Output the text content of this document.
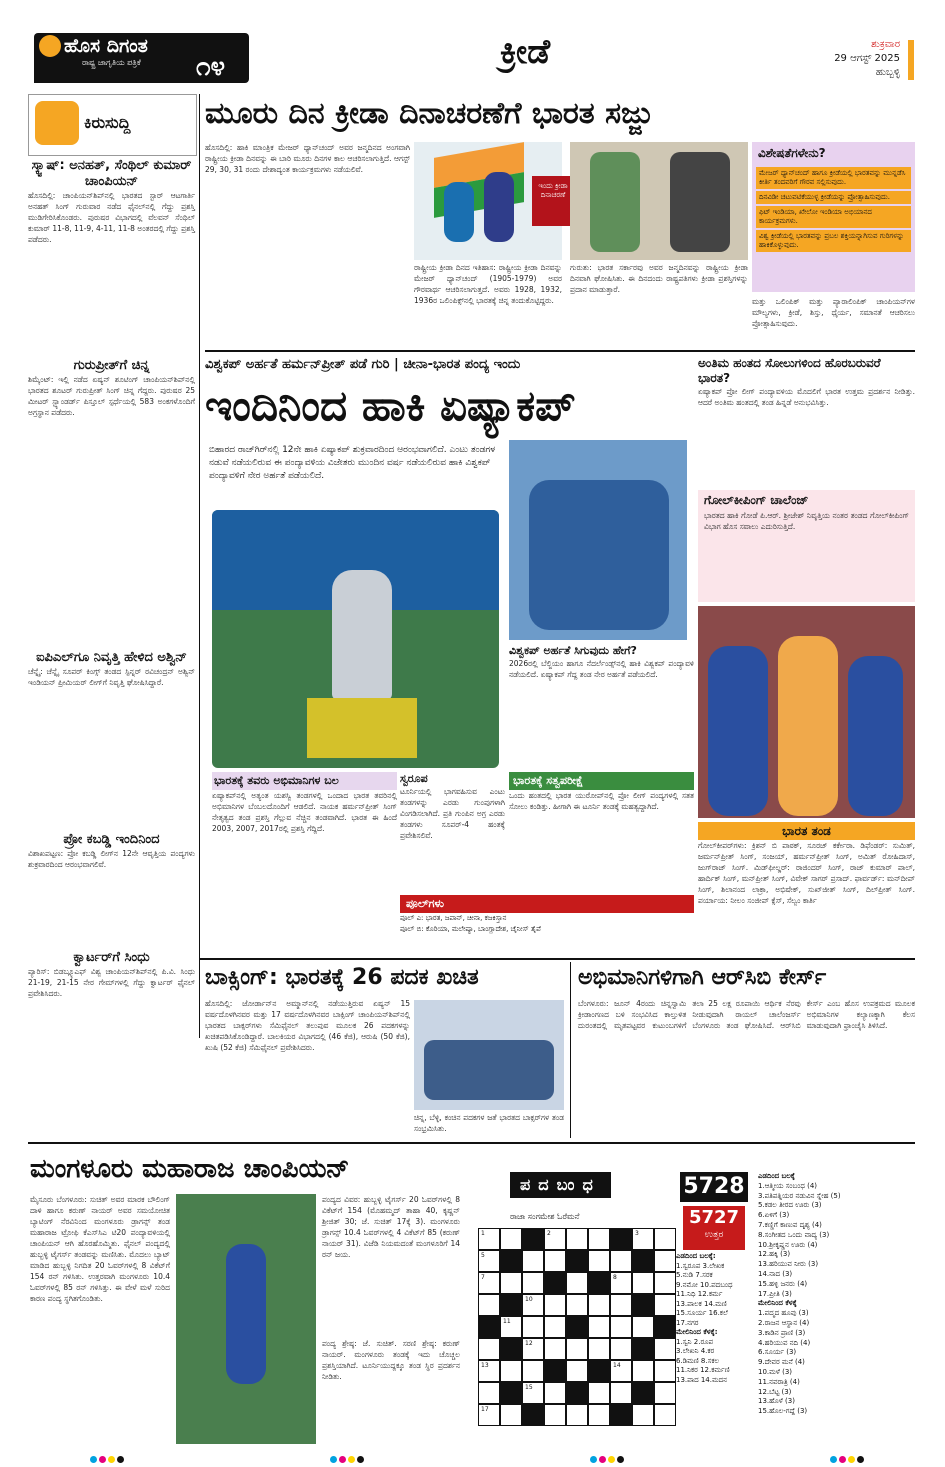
ಹೊಸ ದಿಗಂತ
ರಾಷ್ಟ್ರ ಜಾಗೃತಿಯ ಪತ್ರಿಕೆ ೧೪	ಕ್ರೀಡೆ	ಶುಕ್ರವಾರ
29 ಆಗಸ್ಟ್ 2025
ಹುಬ್ಬಳ್ಳಿ
ಕಿರುಸುದ್ದಿ
ಸ್ಕ್ವಾಷ್: ಅನಹತ್, ಸೆಂಥಿಲ್ ಕುಮಾರ್ ಚಾಂಪಿಯನ್
ಹೊಸದಿಲ್ಲಿ: ಚಾಂಪಿಯನ್‌ಶಿಪ್‌ನಲ್ಲಿ ಭಾರತದ ಸ್ಟಾರ್ ಆಟಗಾರ್ತಿ ಅನಹತ್ ಸಿಂಗ್ ಗುರುವಾರ ನಡೆದ ಫೈನಲ್‌ನಲ್ಲಿ ಗೆದ್ದು ಪ್ರಶಸ್ತಿ ಮುಡಿಗೇರಿಸಿಕೊಂಡರು. ಪುರುಷರ ವಿಭಾಗದಲ್ಲಿ ವೆಲವನ್ ಸೆಂಥಿಲ್ ಕುಮಾರ್ 11-8, 11-9, 4-11, 11-8 ಅಂತರದಲ್ಲಿ ಗೆದ್ದು ಪ್ರಶಸ್ತಿ ಪಡೆದರು.
ಗುರುಪ್ರೀತ್‌ಗೆ ಚಿನ್ನ
ಶಿಮ್ಕೆಂಟ್: ಇಲ್ಲಿ ನಡೆದ ಏಷ್ಯನ್ ಶೂಟಿಂಗ್ ಚಾಂಪಿಯನ್‌ಶಿಪ್‌ನಲ್ಲಿ ಭಾರತದ ಶೂಟರ್ ಗುರುಪ್ರೀತ್ ಸಿಂಗ್ ಚಿನ್ನ ಗೆದ್ದರು. ಪುರುಷರ 25 ಮೀಟರ್ ಸ್ಟ್ಯಾಂಡರ್ಡ್ ಪಿಸ್ತೂಲ್ ಸ್ಪರ್ಧೆಯಲ್ಲಿ 583 ಅಂಕಗಳೊಂದಿಗೆ ಅಗ್ರಸ್ಥಾನ ಪಡೆದರು.
ಐಪಿಎಲ್‌ಗೂ ನಿವೃತ್ತಿ ಹೇಳಿದ ಅಶ್ವಿನ್
ಚೆನ್ನೈ: ಚೆನ್ನೈ ಸೂಪರ್ ಕಿಂಗ್ಸ್ ತಂಡದ ಸ್ಪಿನ್ನರ್ ರವಿಚಂದ್ರನ್ ಅಶ್ವಿನ್ ಇಂಡಿಯನ್ ಪ್ರೀಮಿಯರ್ ಲೀಗ್‌ಗೆ ನಿವೃತ್ತಿ ಘೋಷಿಸಿದ್ದಾರೆ.
ಪ್ರೋ ಕಬಡ್ಡಿ ಇಂದಿನಿಂದ
ವಿಶಾಖಪಟ್ಟಣ: ಪ್ರೋ ಕಬಡ್ಡಿ ಲೀಗ್‌ನ 12ನೇ ಆವೃತ್ತಿಯ ಪಂದ್ಯಗಳು ಶುಕ್ರವಾರದಿಂದ ಆರಂಭವಾಗಲಿವೆ.
ಕ್ವಾರ್ಟರ್‌ಗೆ ಸಿಂಧು
ಪ್ಯಾರಿಸ್: ಬಿಡಬ್ಲ್ಯೂಎಫ್ ವಿಶ್ವ ಚಾಂಪಿಯನ್‌ಶಿಪ್‌ನಲ್ಲಿ ಪಿ.ವಿ. ಸಿಂಧು 21-19, 21-15 ನೇರ ಗೇಮ್‌ಗಳಲ್ಲಿ ಗೆದ್ದು ಕ್ವಾರ್ಟರ್ ಫೈನಲ್ ಪ್ರವೇಶಿಸಿದರು.
ಮೂರು ದಿನ ಕ್ರೀಡಾ ದಿನಾಚರಣೆಗೆ ಭಾರತ ಸಜ್ಜು
ಹೊಸದಿಲ್ಲಿ: ಹಾಕಿ ಮಾಂತ್ರಿಕ ಮೇಜರ್ ಧ್ಯಾನ್‌ಚಂದ್ ಅವರ ಜನ್ಮದಿನದ ಅಂಗವಾಗಿ ರಾಷ್ಟ್ರೀಯ ಕ್ರೀಡಾ ದಿನವನ್ನು ಈ ಬಾರಿ ಮೂರು ದಿನಗಳ ಕಾಲ ಆಚರಿಸಲಾಗುತ್ತಿದೆ. ಆಗಸ್ಟ್ 29, 30, 31 ರಂದು ದೇಶಾದ್ಯಂತ ಕಾರ್ಯಕ್ರಮಗಳು ನಡೆಯಲಿವೆ.
ಇಂದು ಕ್ರೀಡಾ ದಿನಾಚರಣೆ
ರಾಷ್ಟ್ರೀಯ ಕ್ರೀಡಾ ದಿನದ ಇತಿಹಾಸ: ರಾಷ್ಟ್ರೀಯ ಕ್ರೀಡಾ ದಿನವನ್ನು ಮೇಜರ್ ಧ್ಯಾನ್‌ಚಂದ್ (1905-1979) ಅವರ ಗೌರವಾರ್ಥ ಆಚರಿಸಲಾಗುತ್ತದೆ. ಅವರು 1928, 1932, 1936ರ ಒಲಿಂಪಿಕ್ಸ್‌ನಲ್ಲಿ ಭಾರತಕ್ಕೆ ಚಿನ್ನ ತಂದುಕೊಟ್ಟಿದ್ದರು.
ಗುರುತು: ಭಾರತ ಸರ್ಕಾರವು ಅವರ ಜನ್ಮದಿನವನ್ನು ರಾಷ್ಟ್ರೀಯ ಕ್ರೀಡಾ ದಿನವಾಗಿ ಘೋಷಿಸಿತು. ಈ ದಿನದಂದು ರಾಷ್ಟ್ರಪತಿಗಳು ಕ್ರೀಡಾ ಪ್ರಶಸ್ತಿಗಳನ್ನು ಪ್ರದಾನ ಮಾಡುತ್ತಾರೆ.
ವಿಶೇಷತೆಗಳೇನು?
ಮೇಜರ್ ಧ್ಯಾನ್‌ಚಂದ್ ಹಾಗೂ ಕ್ರೀಡೆಯಲ್ಲಿ ಭಾರತವನ್ನು ಮುನ್ನಡೆಸಿ ಕೀರ್ತಿ ತಂದವರಿಗೆ ಗೌರವ ಸಲ್ಲಿಸುವುದು.
ದಿನವಿಡೀ ಚಟುವಟಿಕೆಯುಳ್ಳ ಕ್ರೀಡೆಯನ್ನು ಪ್ರೋತ್ಸಾಹಿಸುವುದು.
ಫಿಟ್ ಇಂಡಿಯಾ, ಖೇಲೋ ಇಂಡಿಯಾ ಅಭಿಯಾನದ ಕಾರ್ಯಕ್ರಮಗಳು.
ವಿಶ್ವ ಕ್ರೀಡೆಯಲ್ಲಿ ಭಾರತವನ್ನು ಪ್ರಬಲ ಶಕ್ತಿಯನ್ನಾಗಿಸುವ ಗುರಿಗಳನ್ನು ಹಾಕಿಕೊಳ್ಳುವುದು.
ಮತ್ತು ಒಲಿಂಪಿಕ್ ಮತ್ತು ಪ್ಯಾರಾಲಿಂಪಿಕ್ ಚಾಂಪಿಯನ್‌ಗಳ ಮೌಲ್ಯಗಳು, ಕ್ರೀಡೆ, ಶಿಸ್ತು, ಧೈರ್ಯ, ಸಮಾನತೆ ಆಚರಿಸಲು ಪ್ರೋತ್ಸಾಹಿಸುವುದು.
ವಿಶ್ವಕಪ್ ಅರ್ಹತೆ ಹರ್ಮನ್‌ಪ್ರೀತ್ ಪಡೆ ಗುರಿ | ಚೀನಾ-ಭಾರತ ಪಂದ್ಯ ಇಂದು
ಇಂದಿನಿಂದ ಹಾಕಿ ಏಷ್ಯಾಕಪ್
ಬಿಹಾರದ ರಾಜ್‌ಗಿರ್‌ನಲ್ಲಿ 12ನೇ ಹಾಕಿ ಏಷ್ಯಾಕಪ್ ಶುಕ್ರವಾರದಿಂದ ಆರಂಭವಾಗಲಿದೆ. ಎಂಟು ತಂಡಗಳ ನಡುವೆ ನಡೆಯಲಿರುವ ಈ ಪಂದ್ಯಾವಳಿಯ ವಿಜೇತರು ಮುಂದಿನ ವರ್ಷ ನಡೆಯಲಿರುವ ಹಾಕಿ ವಿಶ್ವಕಪ್ ಪಂದ್ಯಾವಳಿಗೆ ನೇರ ಅರ್ಹತೆ ಪಡೆಯಲಿದೆ.
ಭಾರತಕ್ಕೆ ತವರು ಅಭಿಮಾನಿಗಳ ಬಲ
ಏಷ್ಯಾಕಪ್‌ನಲ್ಲಿ ಅತ್ಯಂತ ಯಶಸ್ವಿ ತಂಡಗಳಲ್ಲಿ ಒಂದಾದ ಭಾರತ ತವರಿನಲ್ಲಿ ಅಭಿಮಾನಿಗಳ ಬೆಂಬಲದೊಂದಿಗೆ ಆಡಲಿದೆ. ನಾಯಕ ಹರ್ಮನ್‌ಪ್ರೀತ್ ಸಿಂಗ್ ನೇತೃತ್ವದ ತಂಡ ಪ್ರಶಸ್ತಿ ಗೆಲ್ಲುವ ನೆಚ್ಚಿನ ತಂಡವಾಗಿದೆ. ಭಾರತ ಈ ಹಿಂದೆ 2003, 2007, 2017ರಲ್ಲಿ ಪ್ರಶಸ್ತಿ ಗೆದ್ದಿದೆ.
ಸ್ವರೂಪ
ಟೂರ್ನಿಯಲ್ಲಿ ಭಾಗವಹಿಸುವ ಎಂಟು ತಂಡಗಳನ್ನು ಎರಡು ಗುಂಪುಗಳಾಗಿ ವಿಂಗಡಿಸಲಾಗಿದೆ. ಪ್ರತಿ ಗುಂಪಿನ ಅಗ್ರ ಎರಡು ತಂಡಗಳು ಸೂಪರ್-4 ಹಂತಕ್ಕೆ ಪ್ರವೇಶಿಸಲಿವೆ.
ವಿಶ್ವಕಪ್ ಅರ್ಹತೆ ಸಿಗುವುದು ಹೇಗೆ?
2026ರಲ್ಲಿ ಬೆಲ್ಜಿಯಂ ಹಾಗೂ ನೆದರ್ಲೆಂಡ್ಸ್‌ನಲ್ಲಿ ಹಾಕಿ ವಿಶ್ವಕಪ್ ಪಂದ್ಯಾವಳಿ ನಡೆಯಲಿದೆ. ಏಷ್ಯಾಕಪ್ ಗೆದ್ದ ತಂಡ ನೇರ ಅರ್ಹತೆ ಪಡೆಯಲಿದೆ.
ಭಾರತಕ್ಕೆ ಸತ್ವಪರೀಕ್ಷೆ
ಒಂದು ಹಂತದಲ್ಲಿ ಭಾರತ ಯುರೋಪ್‌ನಲ್ಲಿ ಪ್ರೋ ಲೀಗ್ ಪಂದ್ಯಗಳಲ್ಲಿ ಸತತ ಸೋಲು ಕಂಡಿತ್ತು. ಹೀಗಾಗಿ ಈ ಟೂರ್ನಿ ತಂಡಕ್ಕೆ ಮಹತ್ವದ್ದಾಗಿದೆ.
ಪೂಲ್‌ಗಳು
ಪೂಲ್ ಎ: ಭಾರತ, ಜಪಾನ್, ಚೀನಾ, ಕಜಕಿಸ್ತಾನ
ಪೂಲ್ ಬಿ: ಕೊರಿಯಾ, ಮಲೇಷ್ಯಾ, ಬಾಂಗ್ಲಾದೇಶ, ಚೈನೀಸ್ ತೈಪೆ
ಅಂತಿಮ ಹಂತದ ಸೋಲುಗಳಿಂದ ಹೊರಬರುವರೆ ಭಾರತ?
ಏಷ್ಯಾಕಪ್ ಪ್ರೋ ಲೀಗ್ ಪಂದ್ಯಾವಳಿಯ ಮೊದಲಿಗೆ ಭಾರತ ಉತ್ತಮ ಪ್ರದರ್ಶನ ನೀಡಿತ್ತು. ಆದರೆ ಅಂತಿಮ ಹಂತದಲ್ಲಿ ತಂಡ ಹಿನ್ನಡೆ ಅನುಭವಿಸಿತ್ತು.
ಗೋಲ್‌ಕೀಪಿಂಗ್ ಚಾಲೆಂಜ್
ಭಾರತದ ಹಾಕಿ ಗೋಡೆ ಪಿ.ಆರ್. ಶ್ರೀಜೇಶ್ ನಿವೃತ್ತಿಯ ನಂತರ ತಂಡದ ಗೋಲ್‌ಕೀಪಿಂಗ್ ವಿಭಾಗ ಹೊಸ ಸವಾಲು ಎದುರಿಸುತ್ತಿದೆ.
ಭಾರತ ತಂಡ
ಗೋಲ್‌ಕೀಪರ್‌ಗಳು: ಕ್ರಿಶನ್ ಬಿ ಪಾಠಕ್, ಸೂರಜ್ ಕರ್ಕೇರಾ. ಡಿಫೆಂಡರ್: ಸುಮಿತ್, ಜರ್ಮನ್‌ಪ್ರೀತ್ ಸಿಂಗ್, ಸಂಜಯ್, ಹರ್ಮನ್‌ಪ್ರೀತ್ ಸಿಂಗ್, ಅಮಿತ್ ರೋಹಿದಾಸ್, ಜುಗ್‌ರಾಜ್ ಸಿಂಗ್. ಮಿಡ್‌ಫೀಲ್ಡರ್: ರಾಜಿಂದರ್ ಸಿಂಗ್, ರಾಜ್ ಕುಮಾರ್ ಪಾಲ್, ಹಾರ್ದಿಕ್ ಸಿಂಗ್, ಮನ್‌ಪ್ರೀತ್ ಸಿಂಗ್, ವಿವೇಕ್ ಸಾಗರ್ ಪ್ರಸಾದ್. ಫಾರ್ವರ್ಡ್: ಮನ್‌ದೀಪ್ ಸಿಂಗ್, ಶಿಲಾನಂದ ಲಾಕ್ರಾ, ಅಭಿಷೇಕ್, ಸುಖ್‌ಜೀತ್ ಸಿಂಗ್, ದಿಲ್‌ಪ್ರೀತ್ ಸಿಂಗ್. ಪರ್ಯಾಯ: ನೀಲಂ ಸಂಜೀಪ್ ಕ್ಸೆಸ್, ಸೆಲ್ವಂ ಕಾರ್ತಿ
ಬಾಕ್ಸಿಂಗ್: ಭಾರತಕ್ಕೆ 26 ಪದಕ ಖಚಿತ
ಹೊಸದಿಲ್ಲಿ: ಜೋರ್ಡಾನ್‌ನ ಅಮ್ಮಾನ್‌ನಲ್ಲಿ ನಡೆಯುತ್ತಿರುವ ಏಷ್ಯನ್ 15 ವರ್ಷದೊಳಗಿನವರ ಮತ್ತು 17 ವರ್ಷದೊಳಗಿನವರ ಬಾಕ್ಸಿಂಗ್ ಚಾಂಪಿಯನ್‌ಶಿಪ್‌ನಲ್ಲಿ ಭಾರತದ ಬಾಕ್ಸರ್‌ಗಳು ಸೆಮಿಫೈನಲ್ ತಲುಪುವ ಮೂಲಕ 26 ಪದಕಗಳನ್ನು ಖಚಿತಪಡಿಸಿಕೊಂಡಿದ್ದಾರೆ. ಬಾಲಕಿಯರ ವಿಭಾಗದಲ್ಲಿ (46 ಕೆಜಿ), ಆರುಷಿ (50 ಕೆಜಿ), ಖುಷಿ (52 ಕೆಜಿ) ಸೆಮಿಫೈನಲ್ ಪ್ರವೇಶಿಸಿದರು.
ಚಿನ್ನ, ಬೆಳ್ಳಿ, ಕಂಚಿನ ಪದಕಗಳ ಜತೆ ಭಾರತದ ಬಾಕ್ಸರ್‌ಗಳ ತಂಡ ಸಂಭ್ರಮಿಸಿತು.
ಅಭಿಮಾನಿಗಳಿಗಾಗಿ ಆರ್‌ಸಿಬಿ ಕೇರ್ಸ್
ಬೆಂಗಳೂರು: ಜೂನ್ 4ರಂದು ಚಿನ್ನಸ್ವಾಮಿ ಕ್ರೀಡಾಂಗಣದ ಬಳಿ ಸಂಭವಿಸಿದ ಕಾಲ್ತುಳಿತ ದುರಂತದಲ್ಲಿ ಮೃತಪಟ್ಟವರ ಕುಟುಂಬಗಳಿಗೆ ತಲಾ 25 ಲಕ್ಷ ರೂಪಾಯಿ ಆರ್ಥಿಕ ನೆರವು ನೀಡುವುದಾಗಿ ರಾಯಲ್ ಚಾಲೆಂಜರ್ಸ್ ಬೆಂಗಳೂರು ತಂಡ ಘೋಷಿಸಿದೆ. ಆರ್‌ಸಿಬಿ ಕೇರ್ಸ್ ಎಂಬ ಹೊಸ ಉಪಕ್ರಮದ ಮೂಲಕ ಅಭಿಮಾನಿಗಳ ಕಲ್ಯಾಣಕ್ಕಾಗಿ ಕೆಲಸ ಮಾಡುವುದಾಗಿ ಫ್ರಾಂಚೈಸಿ ತಿಳಿಸಿದೆ.
ಮಂಗಳೂರು ಮಹಾರಾಜ ಚಾಂಪಿಯನ್
ಮೈಸೂರು ಬೆಂಗಳೂರು: ಸುಚಿತ್ ಅವರ ಮಾರಕ ಬೌಲಿಂಗ್ ದಾಳಿ ಹಾಗೂ ಕರುಣ್ ನಾಯರ್ ಅವರ ಸಮಯೋಚಿತ ಬ್ಯಾಟಿಂಗ್ ನೆರವಿನಿಂದ ಮಂಗಳೂರು ಡ್ರಾಗನ್ಸ್ ತಂಡ ಮಹಾರಾಜ ಟ್ರೋಫಿ ಕೆಎಸ್‌ಸಿಎ ಟಿ20 ಪಂದ್ಯಾವಳಿಯಲ್ಲಿ ಚಾಂಪಿಯನ್ ಆಗಿ ಹೊರಹೊಮ್ಮಿತು. ಫೈನಲ್ ಪಂದ್ಯದಲ್ಲಿ ಹುಬ್ಬಳ್ಳಿ ಟೈಗರ್ಸ್ ತಂಡವನ್ನು ಮಣಿಸಿತು. ಮೊದಲು ಬ್ಯಾಟ್ ಮಾಡಿದ ಹುಬ್ಬಳ್ಳಿ ನಿಗದಿತ 20 ಓವರ್‌ಗಳಲ್ಲಿ 8 ವಿಕೆಟ್‌ಗೆ 154 ರನ್ ಗಳಿಸಿತು. ಉತ್ತರವಾಗಿ ಮಂಗಳೂರು 10.4 ಓವರ್‌ಗಳಲ್ಲಿ 85 ರನ್ ಗಳಿಸಿತ್ತು. ಈ ವೇಳೆ ಮಳೆ ಸುರಿದ ಕಾರಣ ಪಂದ್ಯ ಸ್ಥಗಿತಗೊಂಡಿತು.
ಪಂದ್ಯದ ವಿವರ: ಹುಬ್ಬಳ್ಳಿ ಟೈಗರ್ಸ್ 20 ಓವರ್‌ಗಳಲ್ಲಿ 8 ವಿಕೆಟ್‌ಗೆ 154 (ಮೊಹಮ್ಮದ್ ತಾಹಾ 40, ಕೃಷ್ಣನ್ ಶ್ರೀಜಿತ್ 30; ಜೆ. ಸುಚಿತ್ 17ಕ್ಕೆ 3). ಮಂಗಳೂರು ಡ್ರಾಗನ್ಸ್ 10.4 ಓವರ್‌ಗಳಲ್ಲಿ 4 ವಿಕೆಟ್‌ಗೆ 85 (ಕರುಣ್ ನಾಯರ್ 31). ವಿಜೆಡಿ ನಿಯಮದಂತೆ ಮಂಗಳೂರಿಗೆ 14 ರನ್ ಜಯ.
ಪಂದ್ಯ ಶ್ರೇಷ್ಠ: ಜೆ. ಸುಚಿತ್. ಸರಣಿ ಶ್ರೇಷ್ಠ: ಕರುಣ್ ನಾಯರ್. ಮಂಗಳೂರು ತಂಡಕ್ಕೆ ಇದು ಚೊಚ್ಚಲ ಪ್ರಶಸ್ತಿಯಾಗಿದೆ. ಟೂರ್ನಿಯುದ್ದಕ್ಕೂ ತಂಡ ಸ್ಥಿರ ಪ್ರದರ್ಶನ ನೀಡಿತು.
ಪದಬಂಧ
ರಾಜಾ ಸಂಗಮೇಶ ಓರೆಮನೆ
1	2	3
5
7	8
10
11
12
13	14
15
17
5728
5727
ಉತ್ತರ
ಎಡದಿಂದ ಬಲಕ್ಕೆ:
1.ಸ್ವರೂಪ 3.ಲೇಖಕ
5.ನುಡಿ 7.ಸರಕ
9.ನಮೋ 10.ಪದಬಂಧ
11.ನಿಧಿ 12.ಕರ್ಮ
13.ಪಾಲಕ 14.ಮಣಿ
15.ಸೂರ್ಯ 16.ಕಲೆ
17.ನಗರ
ಮೇಲಿನಿಂದ ಕೆಳಕ್ಕೆ:
1.ಸ್ವನಿ 2.ರೂಪ
3.ಲೇಖನಿ 4.ಕರ
6.ಡಿಮಣಿ 8.ಸಕಲ
11.ನಿಕರ 12.ಕರ್ಮಣಿ
13.ಪಾದ 14.ಮದನ
ಎಡದಿಂದ ಬಲಕ್ಕೆ
1.ಆತ್ಮೀಯ ಸಂಬಂಧ (4)
3.ಪತಿಪತ್ನಿಯರ ನಡುವಿನ ಸ್ನೇಹ (5)
5.ಕಡಲ ತೀರದ ಊರು (3)
6.ಏಳಿಗೆ (3)
7.ಕಣ್ಣಿಗೆ ಕಾಣುವ ದೃಶ್ಯ (4)
8.ಸಂಗೀತದ ಒಂದು ವಾದ್ಯ (3)
10.ಶ್ರೀಕೃಷ್ಣನ ಊರು (4)
12.ಹಕ್ಕಿ (3)
13.ಹರಿಯುವ ನೀರು (3)
14.ನಾದ (3)
15.ಹಳ್ಳಿ ಜನರು (4)
17.ಪ್ರೀತಿ (3)
ಮೇಲಿನಿಂದ ಕೆಳಕ್ಕೆ
1.ಪದ್ಮದ ಹೂವು (3)
2.ರಾಜನ ಆಸ್ಥಾನ (4)
3.ಕಾಡಿನ ಪ್ರಾಣಿ (3)
4.ಹರಿಯುವ ನದಿ (4)
6.ಸೂರ್ಯ (3)
9.ದೇವರ ಮನೆ (4)
10.ಮಳೆ (3)
11.ನವರಾತ್ರಿ (4)
12.ಬೆಟ್ಟ (3)
13.ಹೊಳೆ (3)
15.ಹೊಲ-ಗದ್ದೆ (3)
